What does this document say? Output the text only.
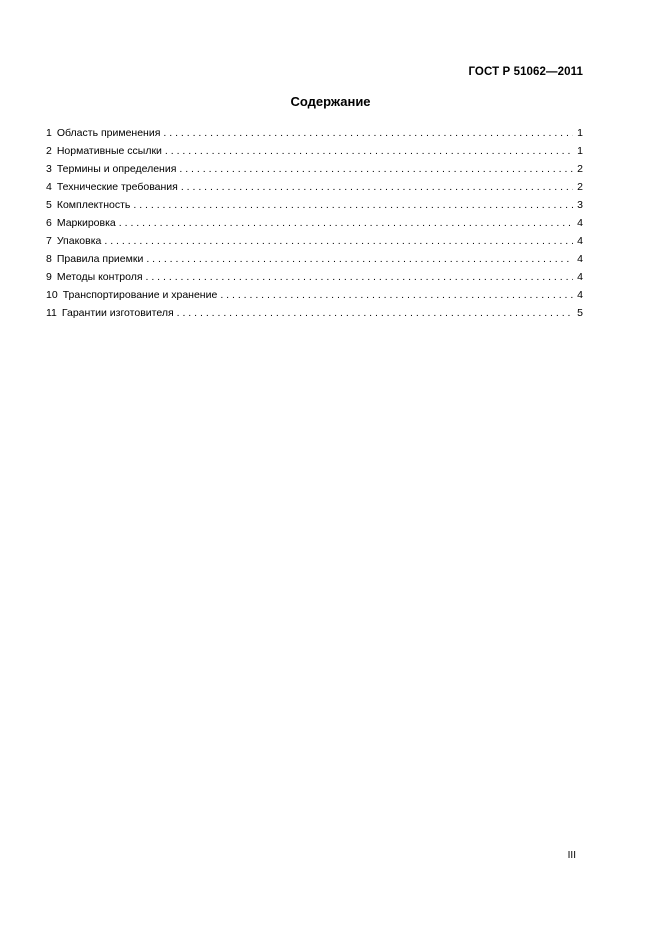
ГОСТ Р 51062—2011
Содержание
1 Область применения . . .	1
2 Нормативные ссылки . . .	1
3 Термины и определения . . .	2
4 Технические требования . . .	2
5 Комплектность . . .	3
6 Маркировка . . .	4
7 Упаковка . . .	4
8 Правила приемки . . .	4
9 Методы контроля . . .	4
10 Транспортирование и хранение . . .	4
11 Гарантии изготовителя . . .	5
III
